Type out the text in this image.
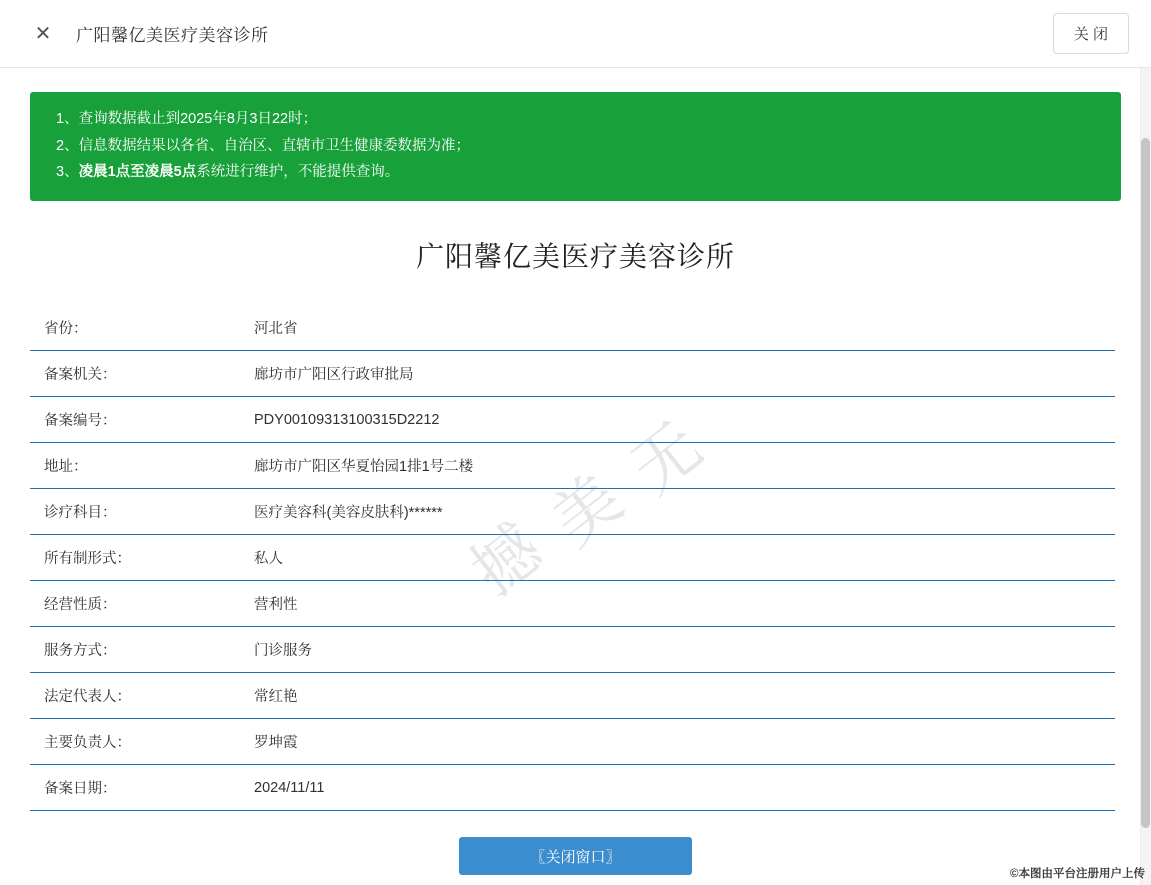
✕ 广阳馨亿美医疗美容诊所	关 闭
1、查询数据截止到2025年8月3日22时；
2、信息数据结果以各省、自治区、直辖市卫生健康委数据为准；
3、凌晨1点至凌晨5点系统进行维护，不能提供查询。
广阳馨亿美医疗美容诊所
撼
美
无
省份：	河北省
备案机关：	廊坊市广阳区行政审批局
备案编号：	PDY00109313100315D2212
地址：	廊坊市广阳区华夏怡园1排1号二楼
诊疗科目：	医疗美容科(美容皮肤科)******
所有制形式：	私人
经营性质：	营利性
服务方式：	门诊服务
法定代表人：	常红艳
主要负责人：	罗坤霞
备案日期：	2024/11/11
〖关闭窗口〗
©本图由平台注册用户上传
